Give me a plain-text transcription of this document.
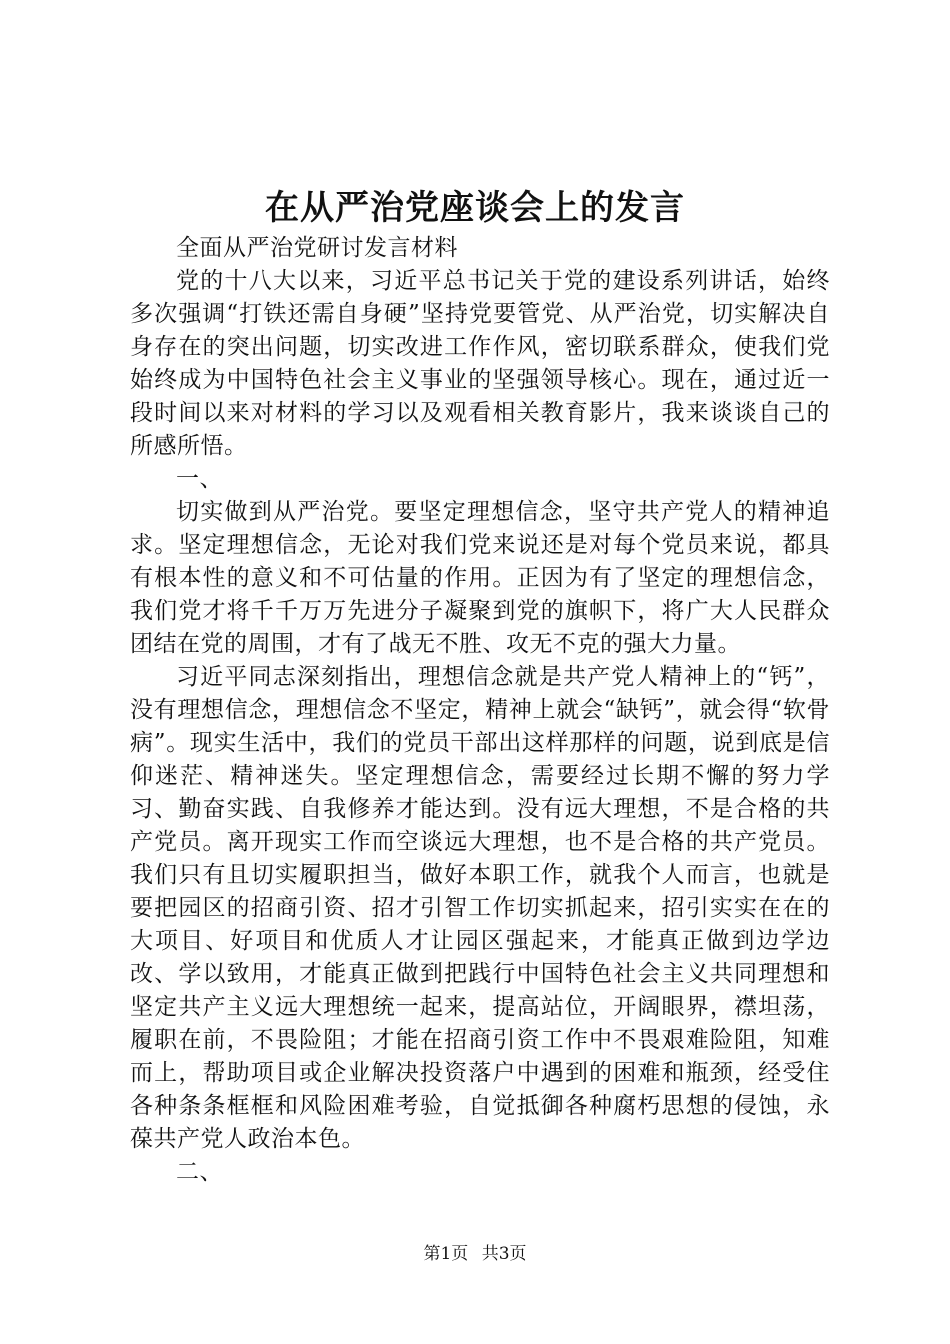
在从严治党座谈会上的发言

全面从严治党研讨发言材料

党的十八大以来，习近平总书记关于党的建设系列讲话，始终多次强调“打铁还需自身硬”坚持党要管党、从严治党，切实解决自身存在的突出问题，切实改进工作作风，密切联系群众，使我们党始终成为中国特色社会主义事业的坚强领导核心。现在，通过近一段时间以来对材料的学习以及观看相关教育影片，我来谈谈自己的所感所悟。

一、

切实做到从严治党。要坚定理想信念，坚守共产党人的精神追求。坚定理想信念，无论对我们党来说还是对每个党员来说，都具有根本性的意义和不可估量的作用。正因为有了坚定的理想信念，我们党才将千千万万先进分子凝聚到党的旗帜下，将广大人民群众团结在党的周围，才有了战无不胜、攻无不克的强大力量。

习近平同志深刻指出，理想信念就是共产党人精神上的“钙”，没有理想信念，理想信念不坚定，精神上就会“缺钙”，就会得“软骨病”。现实生活中，我们的党员干部出这样那样的问题，说到底是信仰迷茫、精神迷失。坚定理想信念，需要经过长期不懈的努力学习、勤奋实践、自我修养才能达到。没有远大理想，不是合格的共产党员。离开现实工作而空谈远大理想，也不是合格的共产党员。我们只有且切实履职担当，做好本职工作，就我个人而言，也就是要把园区的招商引资、招才引智工作切实抓起来，招引实实在在的大项目、好项目和优质人才让园区强起来，才能真正做到边学边改、学以致用，才能真正做到把践行中国特色社会主义共同理想和坚定共产主义远大理想统一起来，提高站位，开阔眼界，襟坦荡，履职在前，不畏险阻；才能在招商引资工作中不畏艰难险阻，知难而上，帮助项目或企业解决投资落户中遇到的困难和瓶颈，经受住各种条条框框和风险困难考验，自觉抵御各种腐朽思想的侵蚀，永葆共产党人政治本色。

二、

第1页 共3页
